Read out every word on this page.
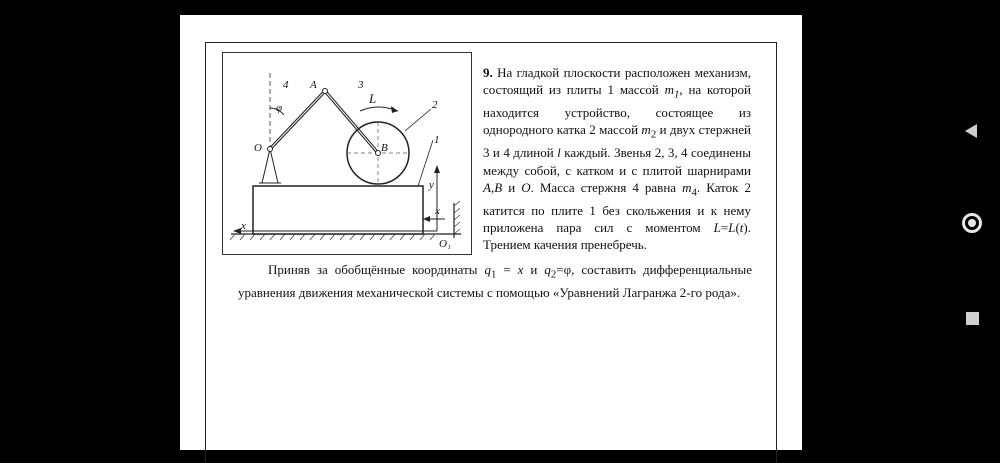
4 A	3
φ
L	2
O	B
1
y
x
x
O₁
9. На гладкой плоскости расположен механизм, состоящий из плиты 1 массой $m_1$, на которой находится устройство, состоящее из однородного катка 2 массой $m_2$ и двух стержней 3 и 4 длиной l каждый. Звенья 2, 3, 4 соединены между собой, с катком и с плитой шарнирами А,В и О. Масса стержня 4 равна $m_4$. Каток 2 катится по плите 1 без скольжения и к нему приложена пара сил с моментом L=L(t). Трением качения пренебречь.
Приняв за обобщённые координаты $q_1 = x$ и $q_2=\varphi$, составить дифференциальные уравнения движения механической системы с помощью «Уравнений Лагранжа 2-го рода».
